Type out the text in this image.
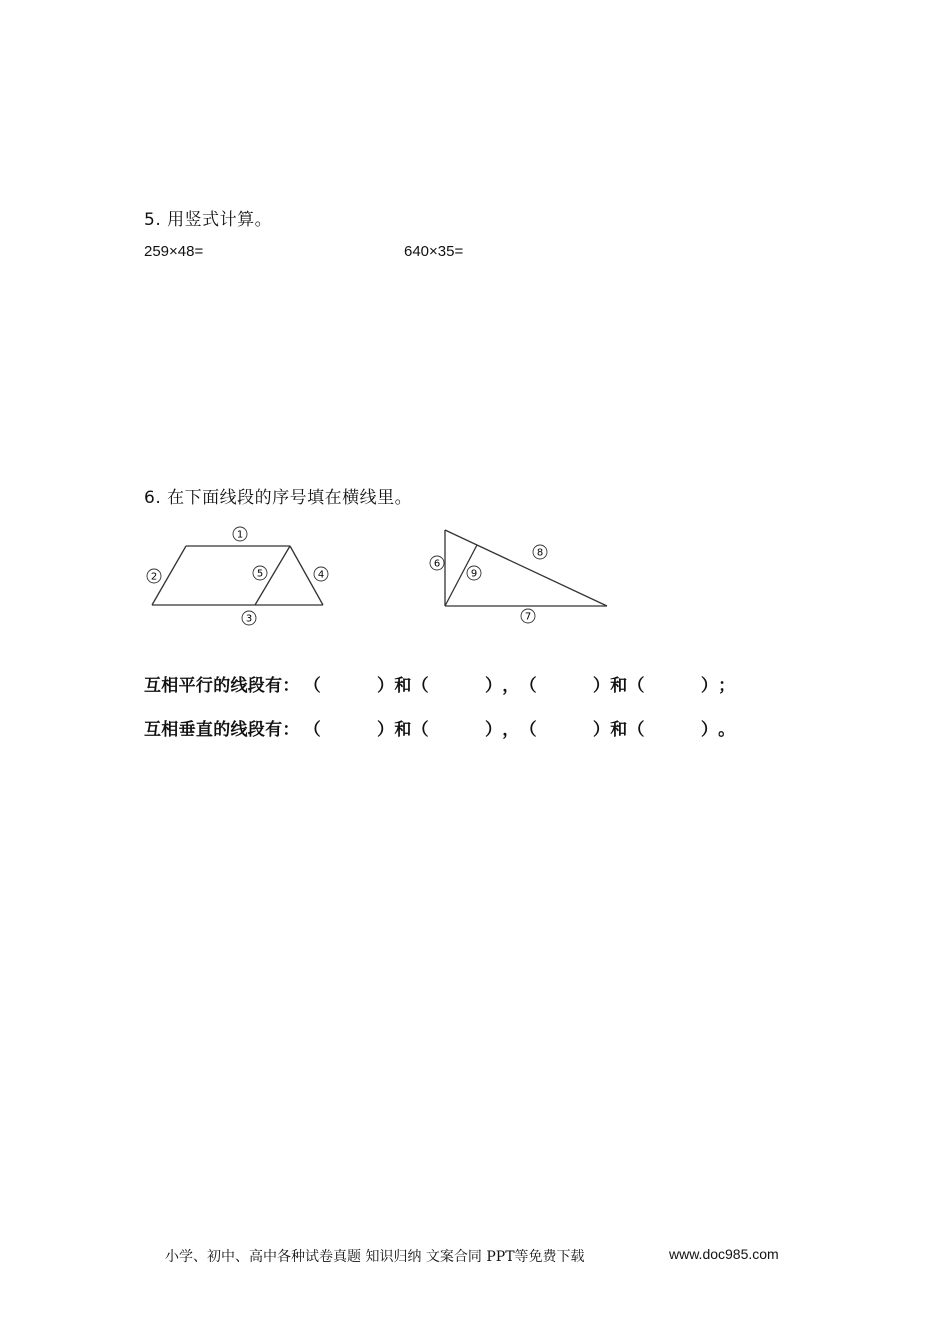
5. 用竖式计算。
259×48=	640×35=
6. 在下面线段的序号填在横线里。
1
2
3
4
5
6
7
8
9
互相平行的线段有： （	）和（	），（	）和（	）；
互相垂直的线段有： （	）和（	），（	）和（	）。
小学、初中、高中各种试卷真题 知识归纳 文案合同 PPT等免费下载	www.doc985.com
